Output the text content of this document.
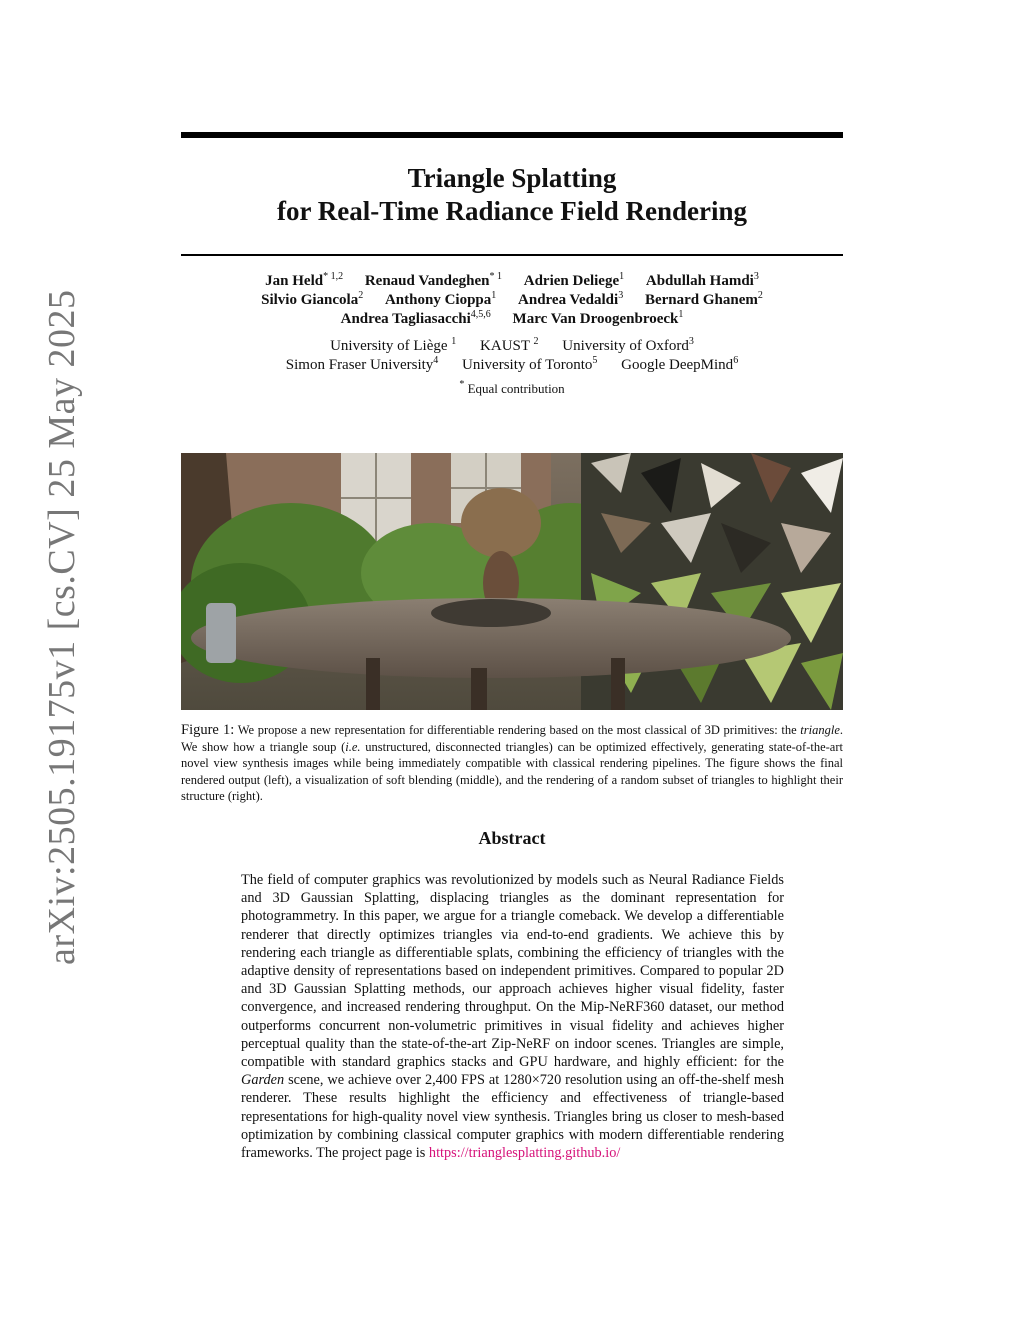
arXiv:2505.19175v1 [cs.CV] 25 May 2025
Triangle Splatting
for Real-Time Radiance Field Rendering
Jan Held$^{* 1,2}$ Renaud Vandeghen$^{* 1}$ Adrien Deliege$^1$ Abdullah Hamdi$^3$
Silvio Giancola$^2$ Anthony Cioppa$^1$ Andrea Vedaldi$^3$ Bernard Ghanem$^2$
Andrea Tagliasacchi$^{4,5,6}$ Marc Van Droogenbroeck$^1$
University of Liège $^1$ KAUST $^2$ University of Oxford$^3$
Simon Fraser University$^4$ University of Toronto$^5$ Google DeepMind$^6$
* Equal contribution
Figure 1: We propose a new representation for differentiable rendering based on the most classical of 3D primitives: the triangle. We show how a triangle soup (i.e. unstructured, disconnected triangles) can be optimized effectively, generating state-of-the-art novel view synthesis images while being immediately compatible with classical rendering pipelines. The figure shows the final rendered output (left), a visualization of soft blending (middle), and the rendering of a random subset of triangles to highlight their structure (right).
Abstract
The field of computer graphics was revolutionized by models such as Neural Radiance Fields and 3D Gaussian Splatting, displacing triangles as the dominant representation for photogrammetry. In this paper, we argue for a triangle comeback. We develop a differentiable renderer that directly optimizes triangles via end-to-end gradients. We achieve this by rendering each triangle as differentiable splats, combining the efficiency of triangles with the adaptive density of representations based on independent primitives. Compared to popular 2D and 3D Gaussian Splatting methods, our approach achieves higher visual fidelity, faster convergence, and increased rendering throughput. On the Mip-NeRF360 dataset, our method outperforms concurrent non-volumetric primitives in visual fidelity and achieves higher perceptual quality than the state-of-the-art Zip-NeRF on indoor scenes. Triangles are simple, compatible with standard graphics stacks and GPU hardware, and highly efficient: for the Garden scene, we achieve over 2,400 FPS at 1280×720 resolution using an off-the-shelf mesh renderer. These results highlight the efficiency and effectiveness of triangle-based representations for high-quality novel view synthesis. Triangles bring us closer to mesh-based optimization by combining classical computer graphics with modern differentiable rendering frameworks. The project page is https://trianglesplatting.github.io/
